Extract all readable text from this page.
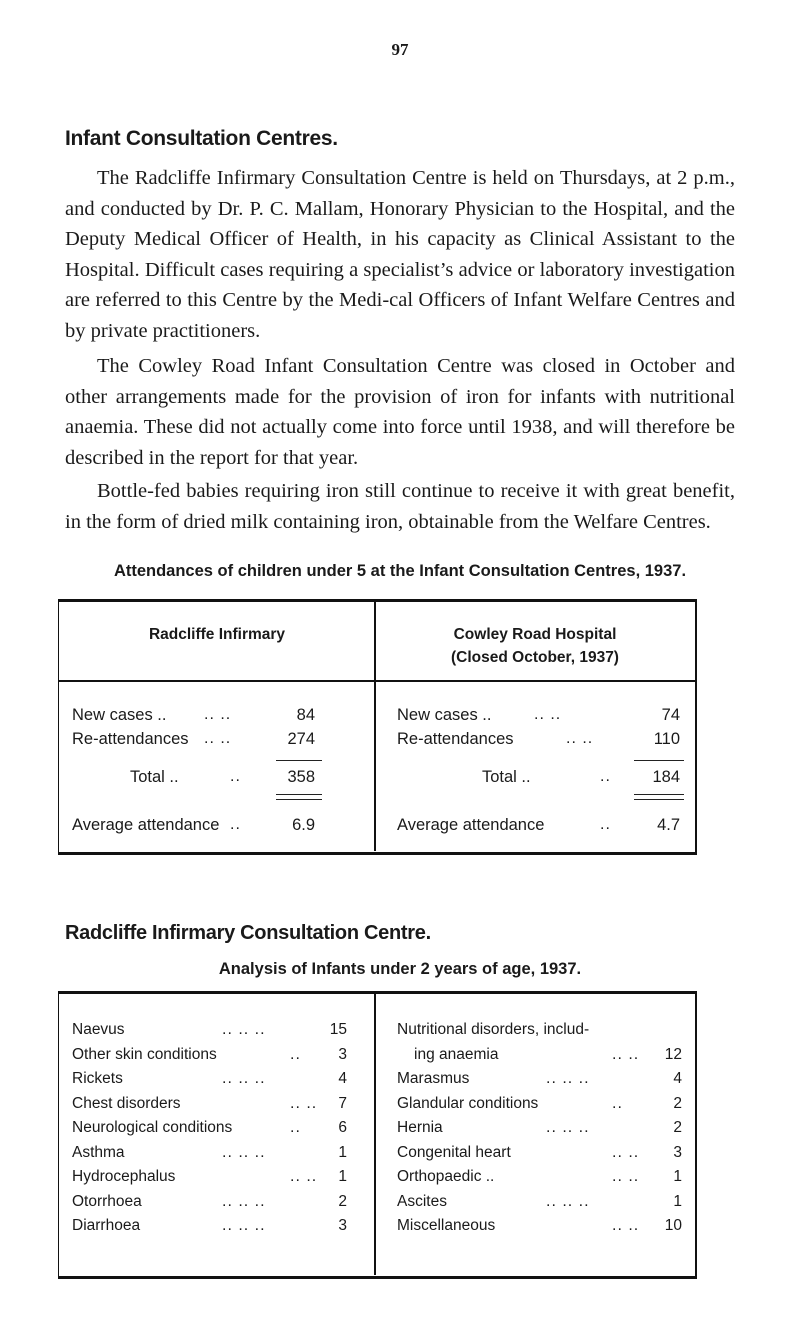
97
Infant Consultation Centres.

The Radcliffe Infirmary Consultation Centre is held on Thursdays, at 2 p.m., and conducted by Dr. P. C. Mallam, Honorary Physician to the Hospital, and the Deputy Medical Officer of Health, in his capacity as Clinical Assistant to the Hospital. Difficult cases requiring a specialist’s advice or laboratory investigation are referred to this Centre by the Medi-cal Officers of Infant Welfare Centres and by private practitioners.

The Cowley Road Infant Consultation Centre was closed in October and other arrangements made for the provision of iron for infants with nutritional anaemia. These did not actually come into force until 1938, and will therefore be described in the report for that year.

Bottle-fed babies requiring iron still continue to receive it with great benefit, in the form of dried milk containing iron, obtainable from the Welfare Centres.

Attendances of children under 5 at the Infant Consultation Centres, 1937.
Radcliffe Infirmary	Cowley Road Hospital
(Closed October, 1937)
New cases .. .. ..	84
Re-attendances .. ..	274
Total ..	..	358
Average attendance ..	6.9
New cases ..	.. ..	74
Re-attendances	.. ..	110
Total ..	..	184
Average attendance	..	4.7
Radcliffe Infirmary Consultation Centre.
Analysis of Infants under 2 years of age, 1937.
Naevus	.. .. ..	15
Other skin conditions	..	3
Rickets	.. .. ..	4
Chest disorders	.. ..	7
Neurological conditions	..	6
Asthma	.. .. ..	1
Hydrocephalus	.. ..	1
Otorrhoea	.. .. ..	2
Diarrhoea	.. .. ..	3
Nutritional disorders, includ-
ing anaemia	.. ..	12
Marasmus	.. .. ..	4
Glandular conditions	..	2
Hernia	.. .. ..	2
Congenital heart	.. ..	3
Orthopaedic ..	.. ..	1
Ascites	.. .. ..	1
Miscellaneous	.. ..	10
